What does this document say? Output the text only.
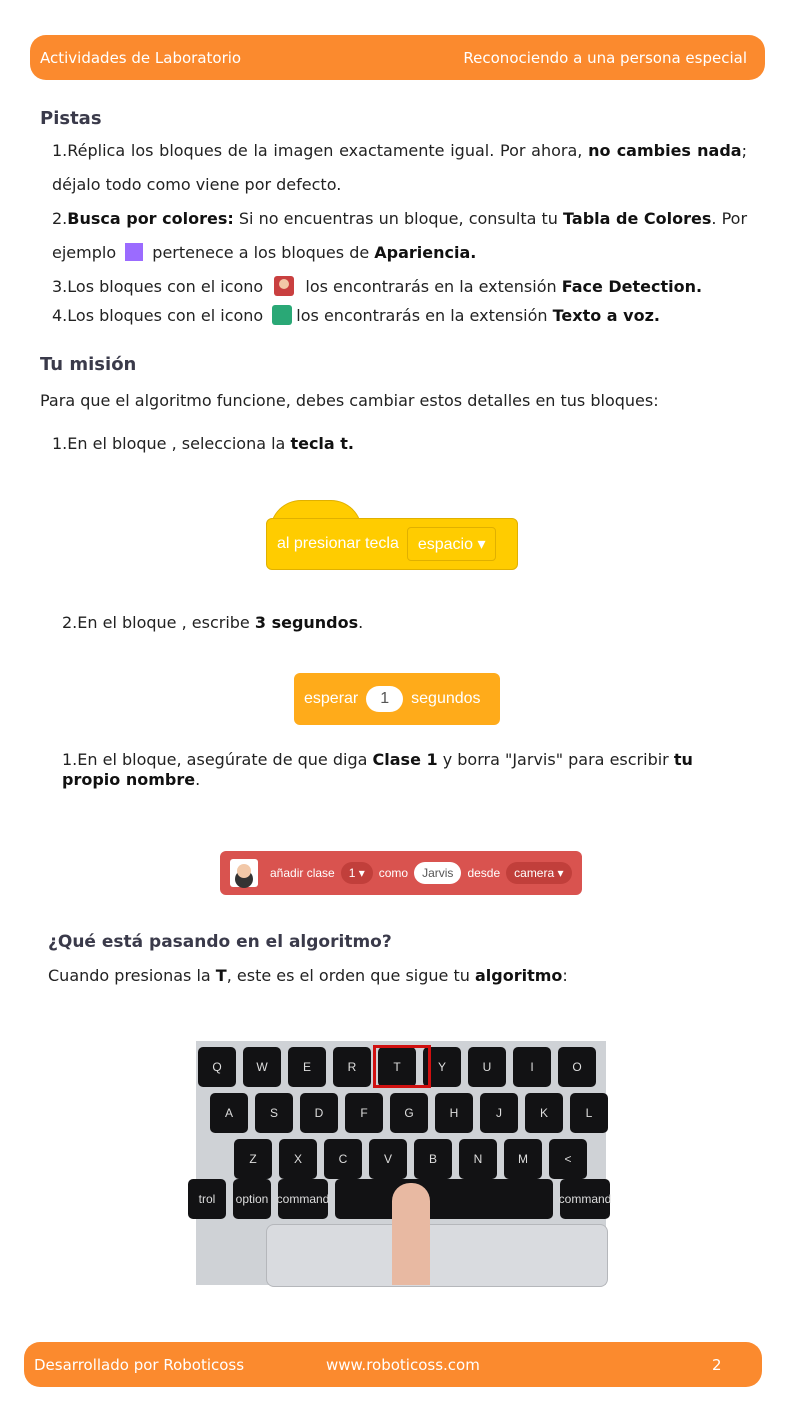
Actividades de Laboratorio	Reconociendo a una persona especial
Pistas
1.Réplica los bloques de la imagen exactamente igual. Por ahora, no cambies nada; déjalo todo como viene por defecto.
2.Busca por colores: Si no encuentras un bloque, consulta tu Tabla de Colores. Por ejemplo  pertenece a los bloques de Apariencia.
3.Los bloques con el icono  los encontrarás en la extensión Face Detection.
4.Los bloques con el icono los encontrarás en la extensión Texto a voz.
Tu misión
Para que el algoritmo funcione, debes cambiar estos detalles en tus bloques:
1.En el bloque , selecciona la tecla t.
al presionar tecla	espacio ▾
2.En el bloque , escribe 3 segundos.
esperar	1	segundos
1.En el bloque, asegúrate de que diga Clase 1 y borra "Jarvis" para escribir tu propio nombre.
añadir clase	1 ▾	como	Jarvis	desde	camera ▾
¿Qué está pasando en el algoritmo?
Cuando presionas la T, este es el orden que sigue tu algoritmo:
Q	W	E	R	T	Y	U	I	O
A	S	D	F	G	H	J	K	L
Z	X	C	V	B	N	M	<
trol	option command	command
Desarrollado por Roboticoss	www.roboticoss.com	2
